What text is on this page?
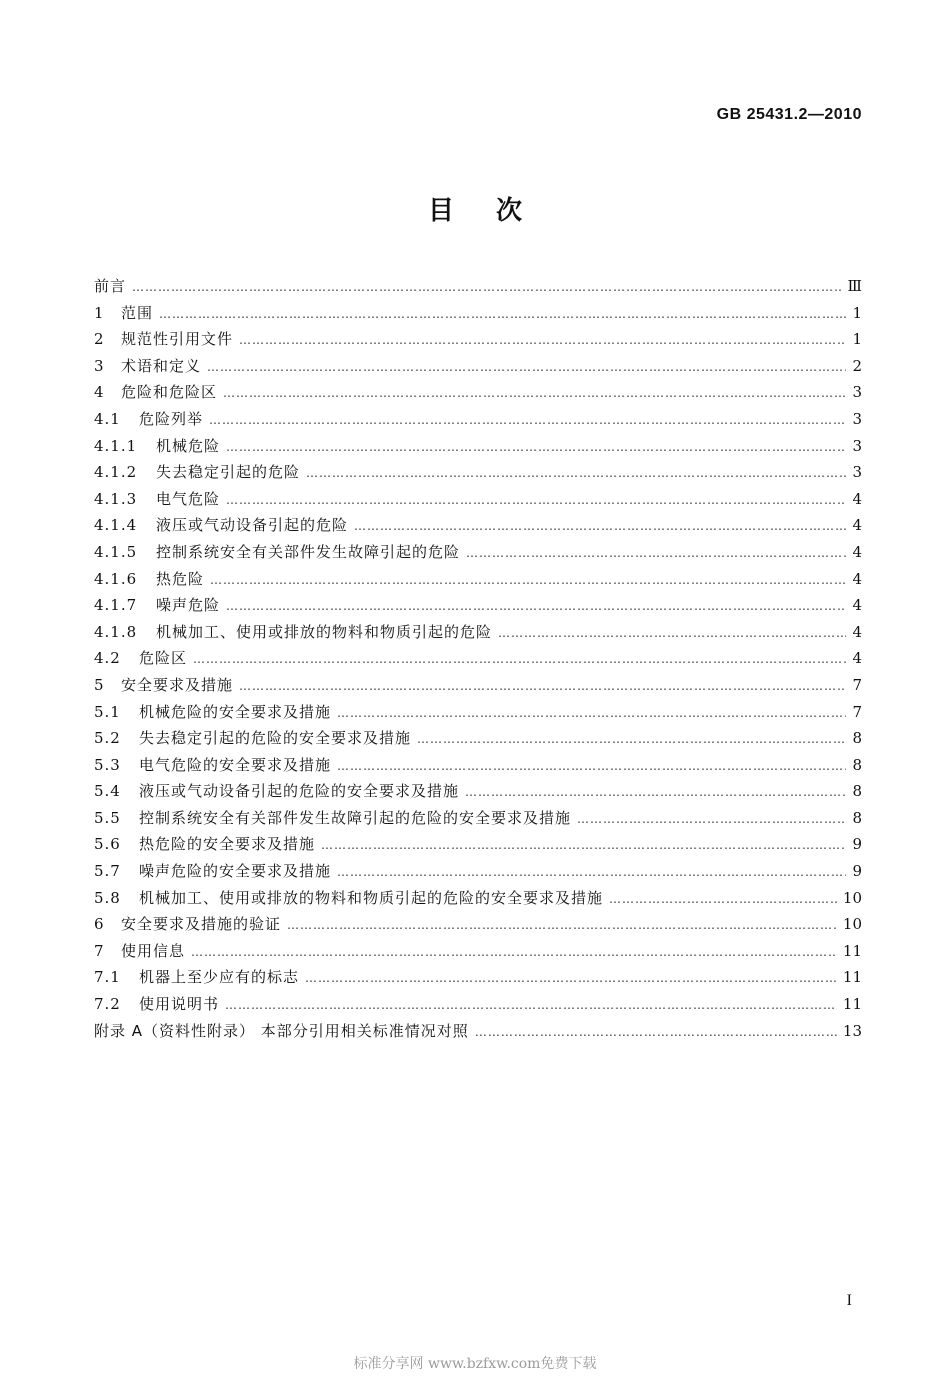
GB 25431.2—2010
目次
前言 …………………………………………………………………………………………………………………………………………………………………………………………………………………………	Ⅲ
1	范围 …………………………………………………………………………………………………………………………………………………………………………………………………………………………	1
2	规范性引用文件 …………………………………………………………………………………………………………………………………………………………………………………………………………………………	1
3	术语和定义 …………………………………………………………………………………………………………………………………………………………………………………………………………………………	2
4	危险和危险区 …………………………………………………………………………………………………………………………………………………………………………………………………………………………	3
4.1	危险列举 …………………………………………………………………………………………………………………………………………………………………………………………………………………………	3
4.1.1	机械危险 …………………………………………………………………………………………………………………………………………………………………………………………………………………………	3
4.1.2	失去稳定引起的危险 …………………………………………………………………………………………………………………………………………………………………………………………………………………………	3
4.1.3	电气危险 …………………………………………………………………………………………………………………………………………………………………………………………………………………………	4
4.1.4	液压或气动设备引起的危险 …………………………………………………………………………………………………………………………………………………………………………………………………………………………	4
4.1.5	控制系统安全有关部件发生故障引起的危险 …………………………………………………………………………………………………………………………………………………………………………………………………………………………	4
4.1.6	热危险 …………………………………………………………………………………………………………………………………………………………………………………………………………………………	4
4.1.7	噪声危险 …………………………………………………………………………………………………………………………………………………………………………………………………………………………	4
4.1.8	机械加工、使用或排放的物料和物质引起的危险 …………………………………………………………………………………………………………………………………………………………………………………………………………………………	4
4.2	危险区 …………………………………………………………………………………………………………………………………………………………………………………………………………………………	4
5	安全要求及措施 …………………………………………………………………………………………………………………………………………………………………………………………………………………………	7
5.1	机械危险的安全要求及措施 …………………………………………………………………………………………………………………………………………………………………………………………………………………………	7
5.2	失去稳定引起的危险的安全要求及措施 …………………………………………………………………………………………………………………………………………………………………………………………………………………………	8
5.3	电气危险的安全要求及措施 …………………………………………………………………………………………………………………………………………………………………………………………………………………………	8
5.4	液压或气动设备引起的危险的安全要求及措施 …………………………………………………………………………………………………………………………………………………………………………………………………………………………	8
5.5	控制系统安全有关部件发生故障引起的危险的安全要求及措施 …………………………………………………………………………………………………………………………………………………………………………………………………………………………	8
5.6	热危险的安全要求及措施 …………………………………………………………………………………………………………………………………………………………………………………………………………………………	9
5.7	噪声危险的安全要求及措施 …………………………………………………………………………………………………………………………………………………………………………………………………………………………	9
5.8	机械加工、使用或排放的物料和物质引起的危险的安全要求及措施 …………………………………………………………………………………………………………………………………………………………………………………………………………………………	10
6	安全要求及措施的验证 …………………………………………………………………………………………………………………………………………………………………………………………………………………………	10
7	使用信息 …………………………………………………………………………………………………………………………………………………………………………………………………………………………	11
7.1	机器上至少应有的标志 …………………………………………………………………………………………………………………………………………………………………………………………………………………………	11
7.2	使用说明书 …………………………………………………………………………………………………………………………………………………………………………………………………………………………	11
附录 A（资料性附录） 本部分引用相关标准情况对照 …………………………………………………………………………………………………………………………………………………………………………………………………………………………	13
I
标准分享网 www.bzfxw.com免费下载
